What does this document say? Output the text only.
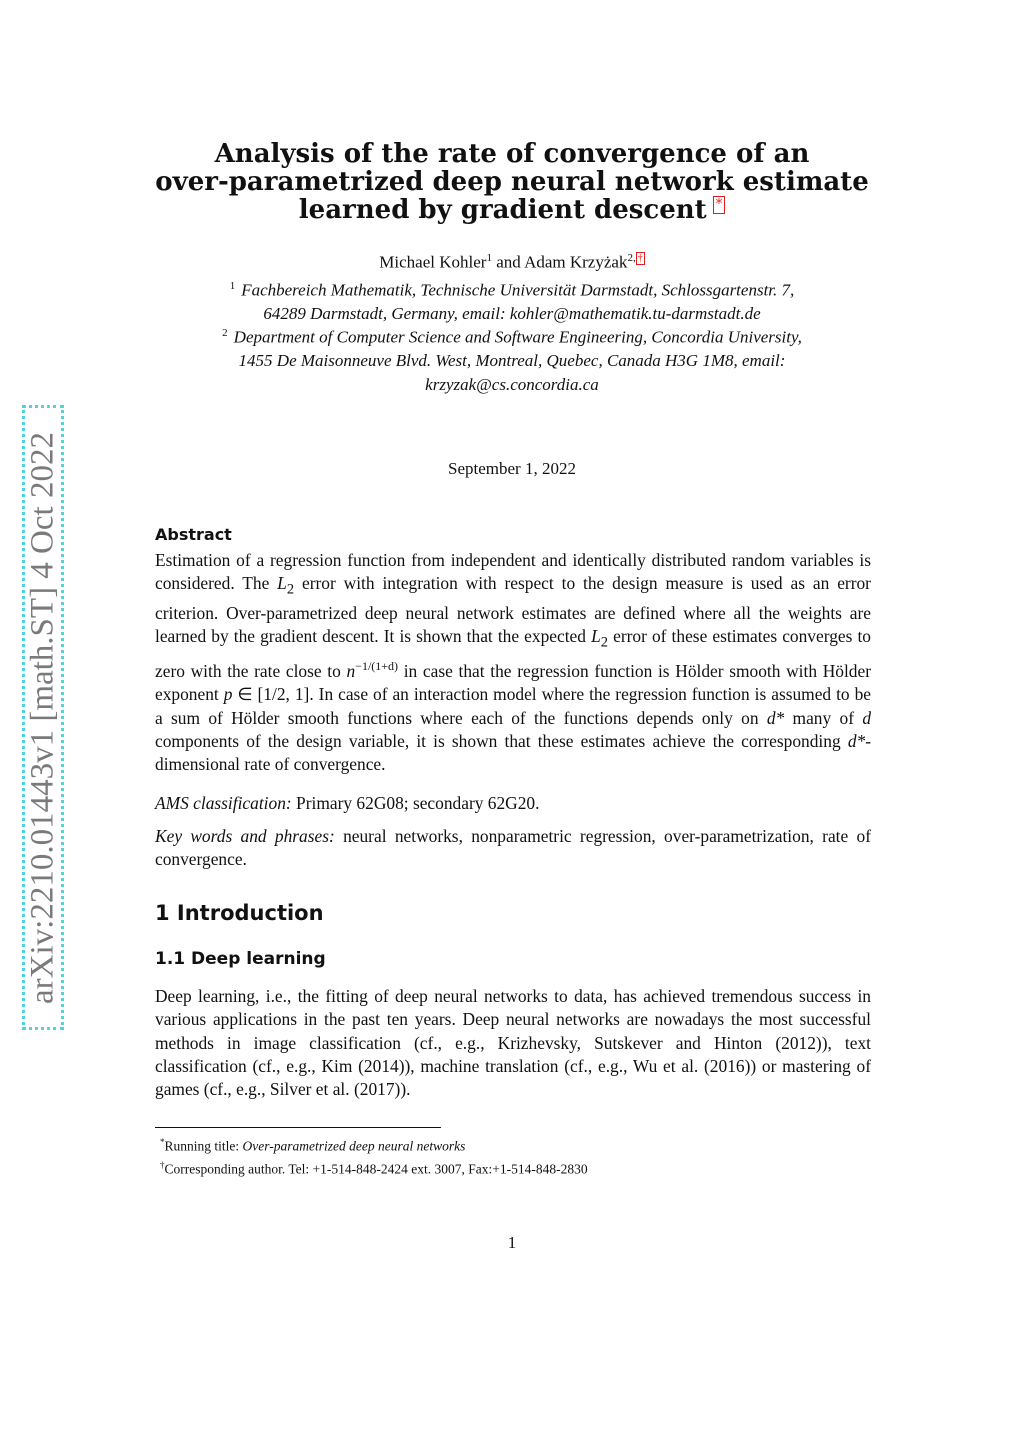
arXiv:2210.01443v1 [math.ST] 4 Oct 2022
Analysis of the rate of convergence of an
over-parametrized deep neural network estimate
learned by gradient descent *
Michael Kohler$^1$ and Adam Krzyżak$^{2,}$ †
$^1$ Fachbereich Mathematik, Technische Universität Darmstadt, Schlossgartenstr. 7,
64289 Darmstadt, Germany, email: kohler@mathematik.tu-darmstadt.de
$^2$ Department of Computer Science and Software Engineering, Concordia University,
1455 De Maisonneuve Blvd. West, Montreal, Quebec, Canada H3G 1M8, email:
krzyzak@cs.concordia.ca
September 1, 2022
Abstract
Estimation of a regression function from independent and identically distributed random variables is considered. The $L_2$ error with integration with respect to the design measure is used as an error criterion. Over-parametrized deep neural network estimates are defined where all the weights are learned by the gradient descent. It is shown that the expected $L_2$ error of these estimates converges to zero with the rate close to $n^{-1/(1+d)}$ in case that the regression function is Hölder smooth with Hölder exponent p ∈ [1/2, 1]. In case of an interaction model where the regression function is assumed to be a sum of Hölder smooth functions where each of the functions depends only on d* many of d components of the design variable, it is shown that these estimates achieve the corresponding d*-dimensional rate of convergence.
AMS classification: Primary 62G08; secondary 62G20.
Key words and phrases: neural networks, nonparametric regression, over-parametrization, rate of convergence.
1 Introduction
1.1 Deep learning
Deep learning, i.e., the fitting of deep neural networks to data, has achieved tremendous success in various applications in the past ten years. Deep neural networks are nowadays the most successful methods in image classification (cf., e.g., Krizhevsky, Sutskever and Hinton (2012)), text classification (cf., e.g., Kim (2014)), machine translation (cf., e.g., Wu et al. (2016)) or mastering of games (cf., e.g., Silver et al. (2017)).
*Running title: Over-parametrized deep neural networks
†Corresponding author. Tel: +1-514-848-2424 ext. 3007, Fax:+1-514-848-2830
1
